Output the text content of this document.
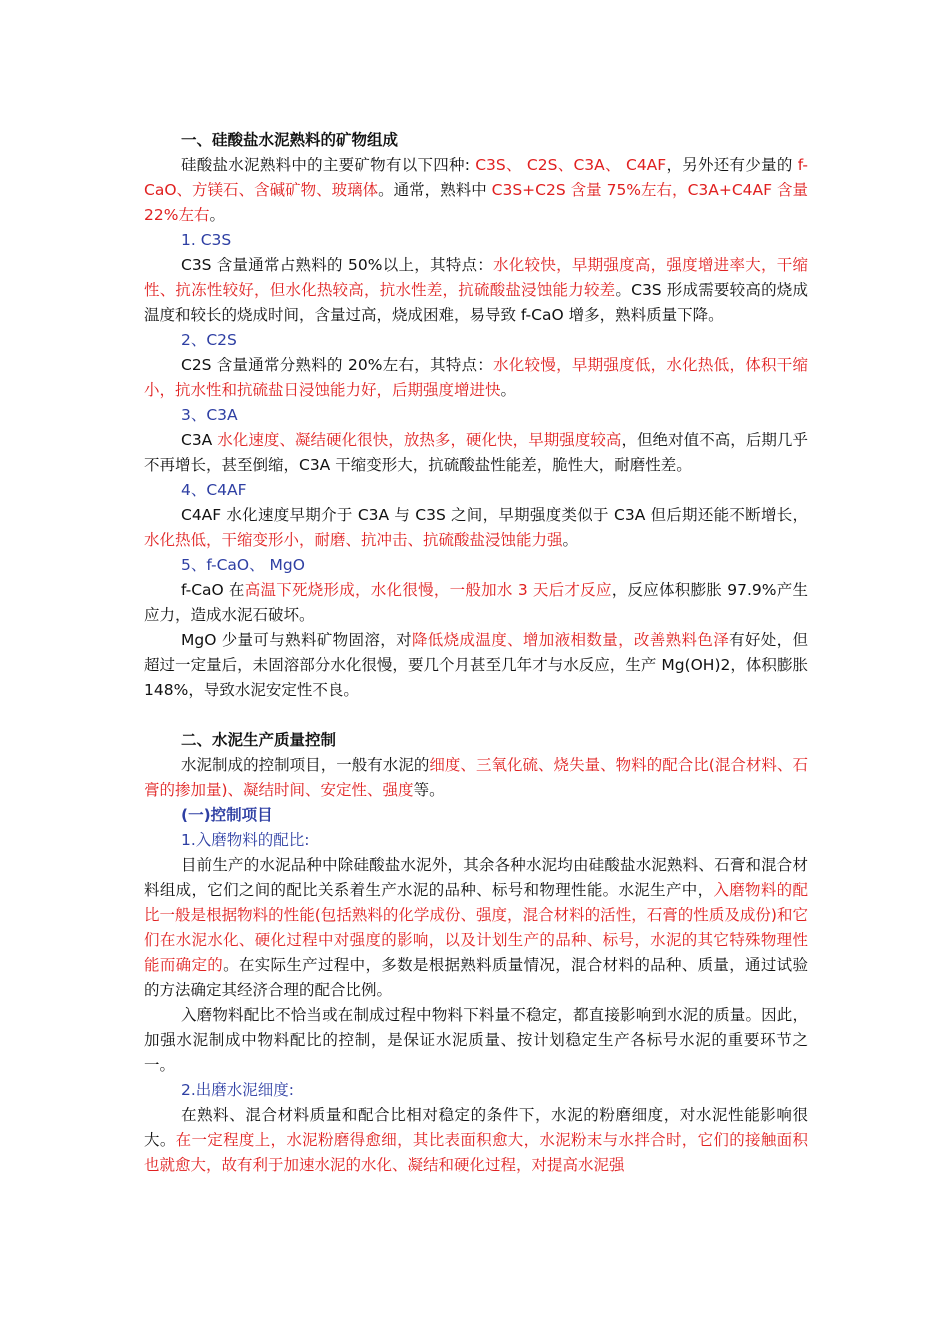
一、硅酸盐水泥熟料的矿物组成

硅酸盐水泥熟料中的主要矿物有以下四种: C3S、 C2S、C3A、 C4AF，另外还有少量的 f-CaO、方镁石、含碱矿物、玻璃体。通常，熟料中 C3S+C2S 含量 75%左右，C3A+C4AF 含量 22%左右。

1. C3S

C3S 含量通常占熟料的 50%以上，其特点：水化较快，早期强度高，强度增进率大，干缩性、抗冻性较好，但水化热较高，抗水性差，抗硫酸盐浸蚀能力较差。C3S 形成需要较高的烧成温度和较长的烧成时间，含量过高，烧成困难，易导致 f-CaO 增多，熟料质量下降。

2、C2S

C2S 含量通常分熟料的 20%左右，其特点：水化较慢，早期强度低，水化热低，体积干缩小，抗水性和抗硫盐日浸蚀能力好，后期强度增进快。

3、C3A

C3A 水化速度、凝结硬化很快，放热多，硬化快，早期强度较高，但绝对值不高，后期几乎不再增长，甚至倒缩，C3A 干缩变形大，抗硫酸盐性能差，脆性大，耐磨性差。

4、C4AF

C4AF 水化速度早期介于 C3A 与 C3S 之间，早期强度类似于 C3A 但后期还能不断增长，水化热低，干缩变形小，耐磨、抗冲击、抗硫酸盐浸蚀能力强。

5、f-CaO、 MgO

f-CaO 在高温下死烧形成，水化很慢，一般加水 3 天后才反应，反应体积膨胀 97.9%产生应力，造成水泥石破坏。

MgO 少量可与熟料矿物固溶，对降低烧成温度、增加液相数量，改善熟料色泽有好处，但超过一定量后，未固溶部分水化很慢，要几个月甚至几年才与水反应，生产 Mg(OH)2，体积膨胀 148%，导致水泥安定性不良。

二、水泥生产质量控制

水泥制成的控制项目，一般有水泥的细度、三氧化硫、烧失量、物料的配合比(混合材料、石膏的掺加量)、凝结时间、安定性、强度等。

(一)控制项目

1.入磨物料的配比:

目前生产的水泥品种中除硅酸盐水泥外，其余各种水泥均由硅酸盐水泥熟料、石膏和混合材料组成，它们之间的配比关系着生产水泥的品种、标号和物理性能。水泥生产中，入磨物料的配比一般是根据物料的性能(包括熟料的化学成份、强度，混合材料的活性，石膏的性质及成份)和它们在水泥水化、硬化过程中对强度的影响，以及计划生产的品种、标号，水泥的其它特殊物理性能而确定的。在实际生产过程中，多数是根据熟料质量情况，混合材料的品种、质量，通过试验的方法确定其经济合理的配合比例。

入磨物料配比不恰当或在制成过程中物料下料量不稳定，都直接影响到水泥的质量。因此，加强水泥制成中物料配比的控制，是保证水泥质量、按计划稳定生产各标号水泥的重要环节之一。

2.出磨水泥细度:

在熟料、混合材料质量和配合比相对稳定的条件下，水泥的粉磨细度，对水泥性能影响很大。在一定程度上，水泥粉磨得愈细，其比表面积愈大，水泥粉末与水拌合时，它们的接触面积也就愈大，故有利于加速水泥的水化、凝结和硬化过程，对提高水泥强
